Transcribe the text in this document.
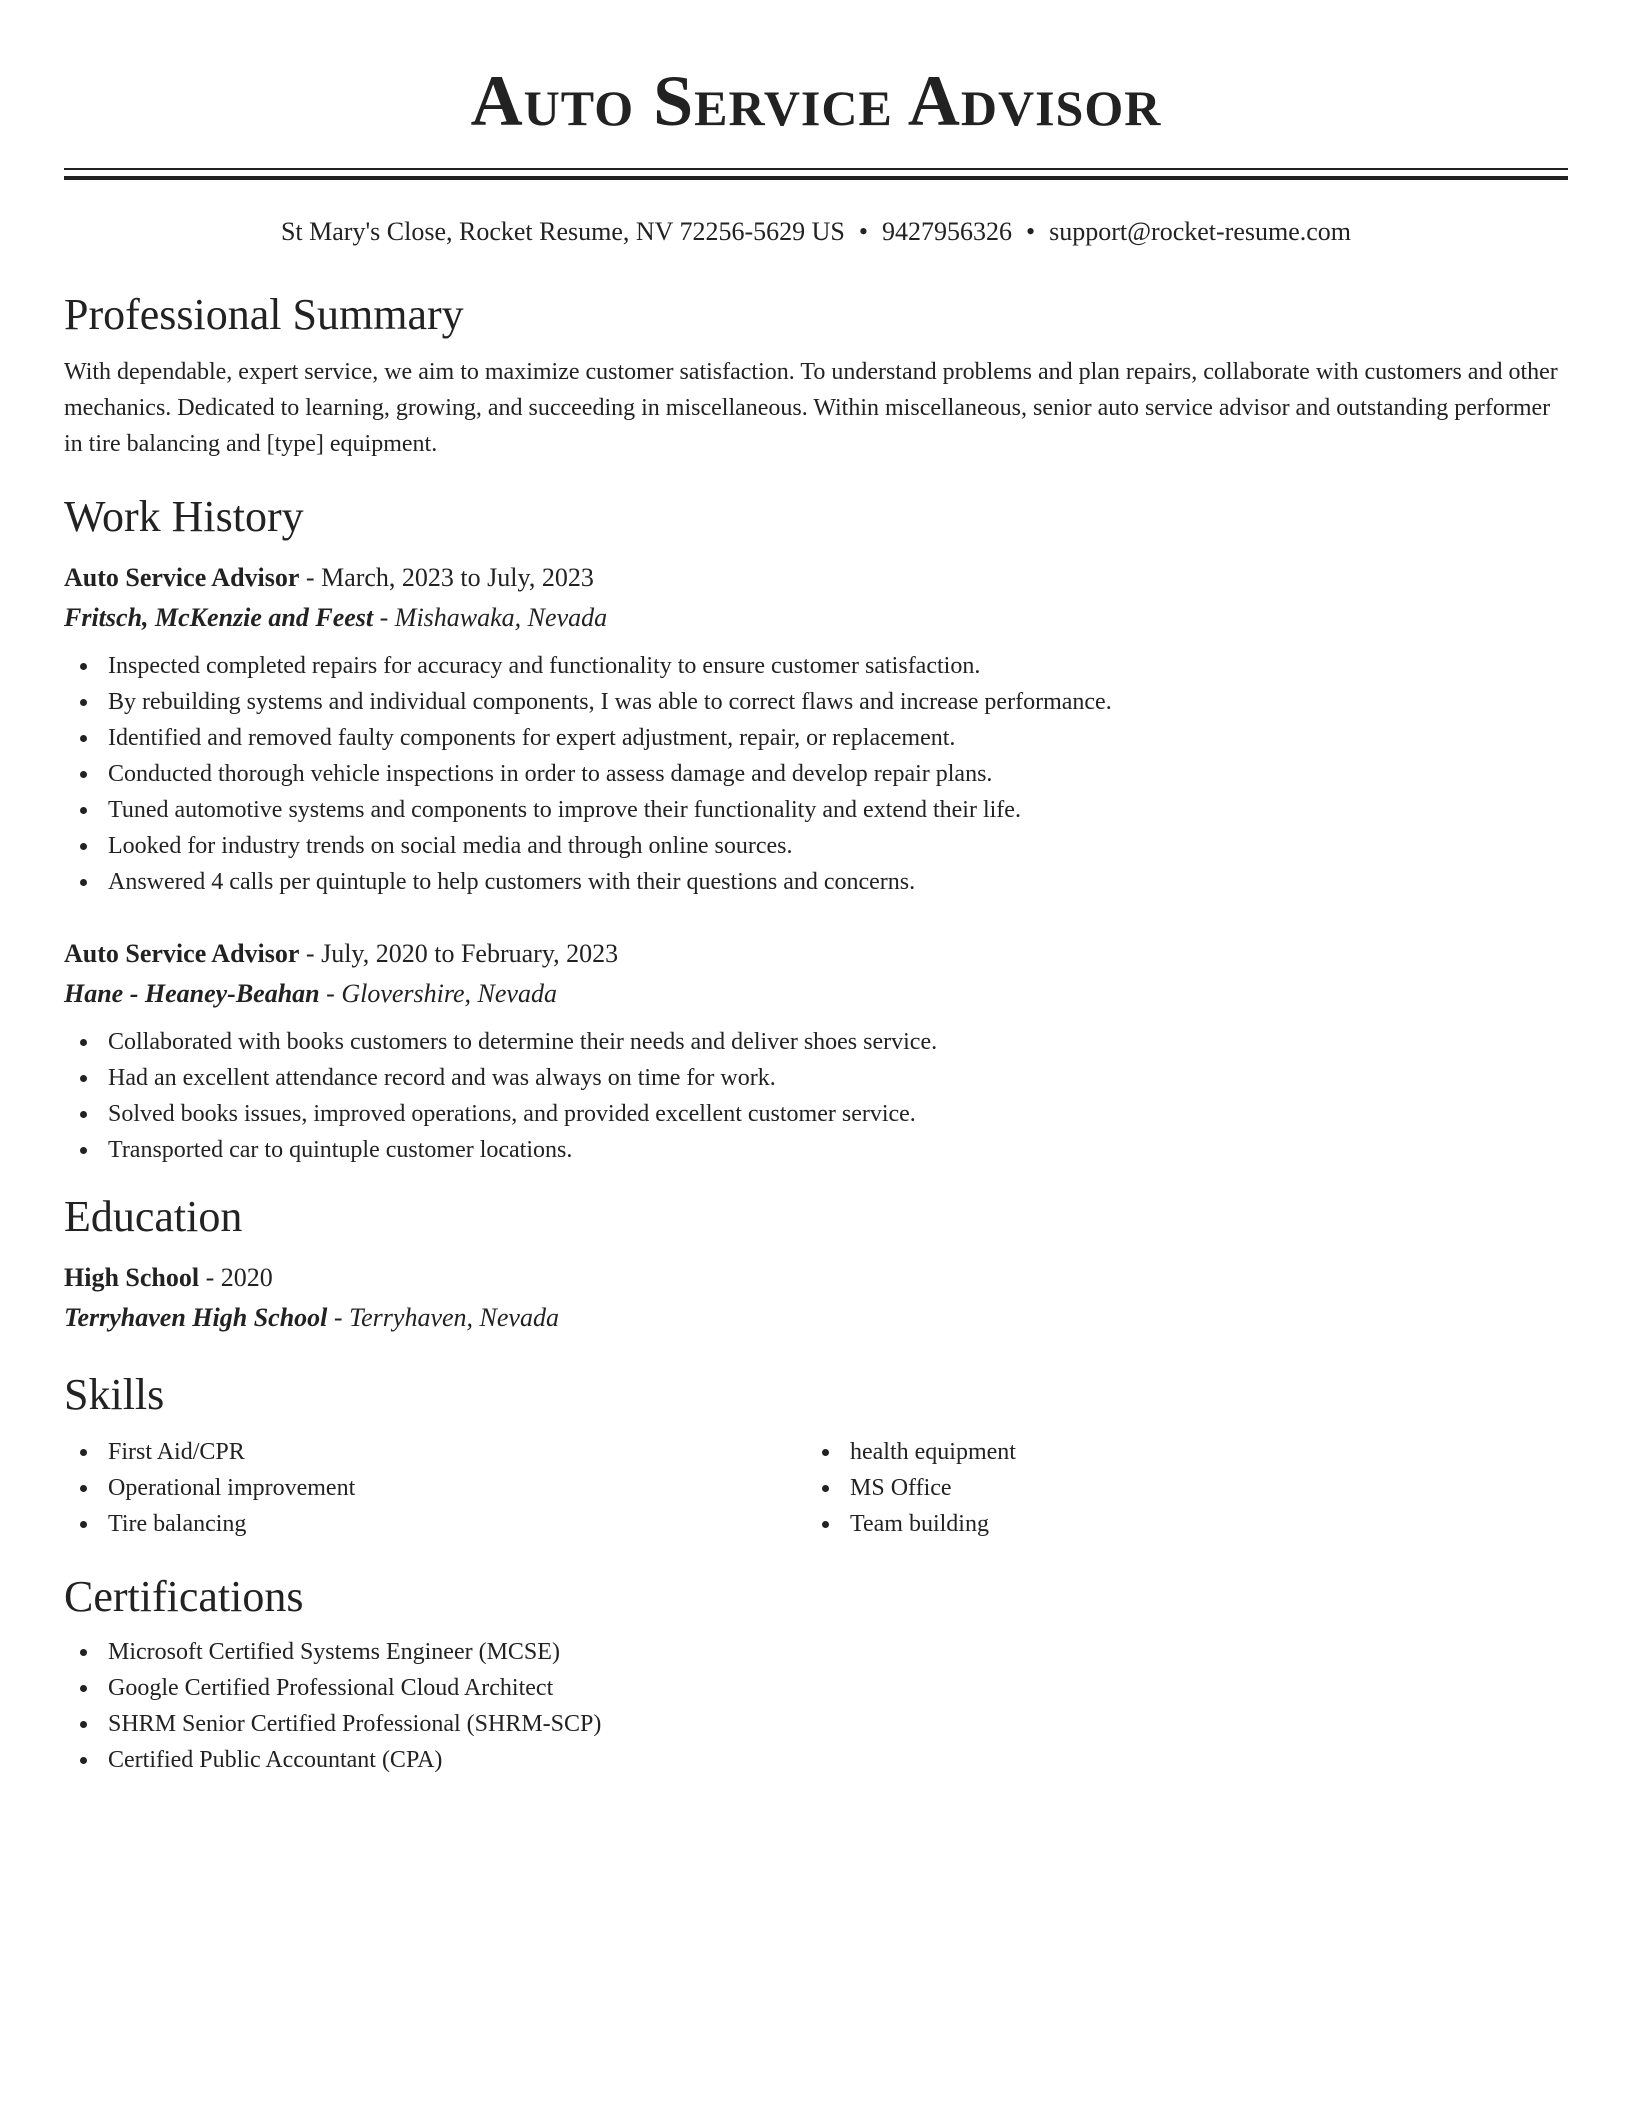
Auto Service Advisor
St Mary's Close, Rocket Resume, NV 72256-5629 US • 9427956326 • support@rocket-resume.com
Professional Summary

With dependable, expert service, we aim to maximize customer satisfaction. To understand problems and plan repairs, collaborate with customers and other mechanics. Dedicated to learning, growing, and succeeding in miscellaneous. Within miscellaneous, senior auto service advisor and outstanding performer in tire balancing and [type] equipment.

Work History
Auto Service Advisor - March, 2023 to July, 2023
Fritsch, McKenzie and Feest - Mishawaka, Nevada
Inspected completed repairs for accuracy and functionality to ensure customer satisfaction.
By rebuilding systems and individual components, I was able to correct flaws and increase performance.
Identified and removed faulty components for expert adjustment, repair, or replacement.
Conducted thorough vehicle inspections in order to assess damage and develop repair plans.
Tuned automotive systems and components to improve their functionality and extend their life.
Looked for industry trends on social media and through online sources.
Answered 4 calls per quintuple to help customers with their questions and concerns.
Auto Service Advisor - July, 2020 to February, 2023
Hane - Heaney-Beahan - Glovershire, Nevada
Collaborated with books customers to determine their needs and deliver shoes service.
Had an excellent attendance record and was always on time for work.
Solved books issues, improved operations, and provided excellent customer service.
Transported car to quintuple customer locations.
Education
High School - 2020
Terryhaven High School - Terryhaven, Nevada
Skills
First Aid/CPR
Operational improvement
Tire balancing
health equipment
MS Office
Team building
Certifications
Microsoft Certified Systems Engineer (MCSE)
Google Certified Professional Cloud Architect
SHRM Senior Certified Professional (SHRM-SCP)
Certified Public Accountant (CPA)
